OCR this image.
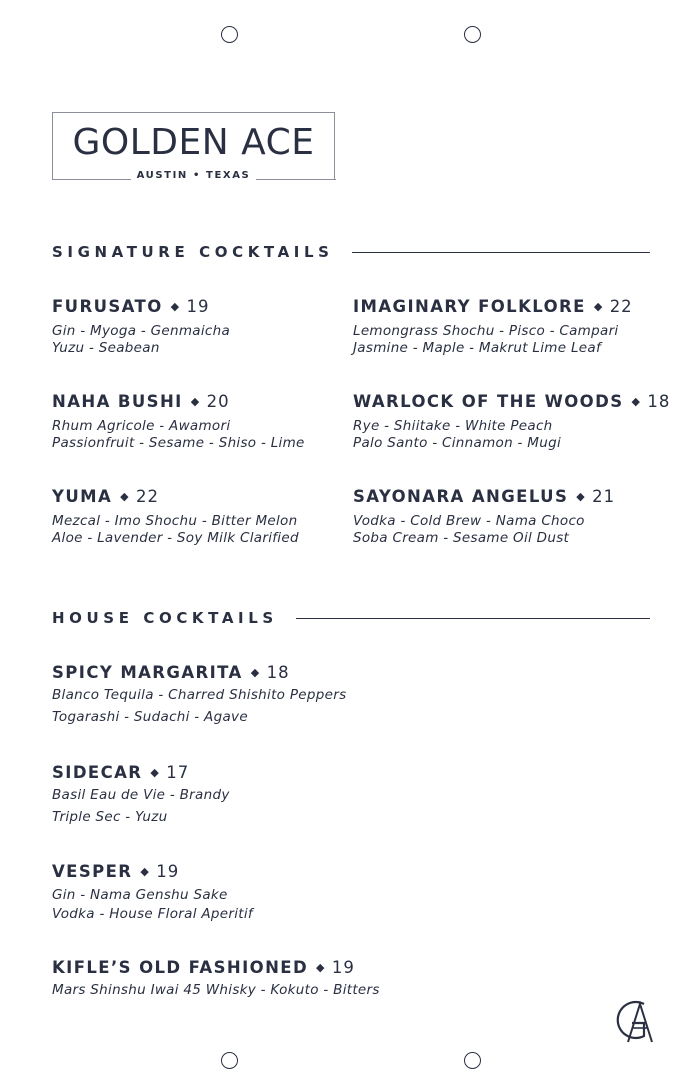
GOLDEN ACE
AUSTIN • TEXAS
SIGNATURE COCKTAILS
FURUSATO ◆ 19
Gin - Myoga - Genmaicha
Yuzu - Seabean
IMAGINARY FOLKLORE ◆ 22
Lemongrass Shochu - Pisco - Campari
Jasmine - Maple - Makrut Lime Leaf
NAHA BUSHI ◆ 20
Rhum Agricole - Awamori
Passionfruit - Sesame - Shiso - Lime
WARLOCK OF THE WOODS ◆ 18
Rye - Shiitake - White Peach
Palo Santo - Cinnamon - Mugi
YUMA ◆ 22
Mezcal - Imo Shochu - Bitter Melon
Aloe - Lavender - Soy Milk Clarified
SAYONARA ANGELUS ◆ 21
Vodka - Cold Brew - Nama Choco
Soba Cream - Sesame Oil Dust
HOUSE COCKTAILS
SPICY MARGARITA ◆ 18
Blanco Tequila - Charred Shishito Peppers
Togarashi - Sudachi - Agave
SIDECAR ◆ 17
Basil Eau de Vie - Brandy
Triple Sec - Yuzu
VESPER ◆ 19
Gin - Nama Genshu Sake
Vodka - House Floral Aperitif
KIFLE’S OLD FASHIONED ◆ 19
Mars Shinshu Iwai 45 Whisky - Kokuto - Bitters
